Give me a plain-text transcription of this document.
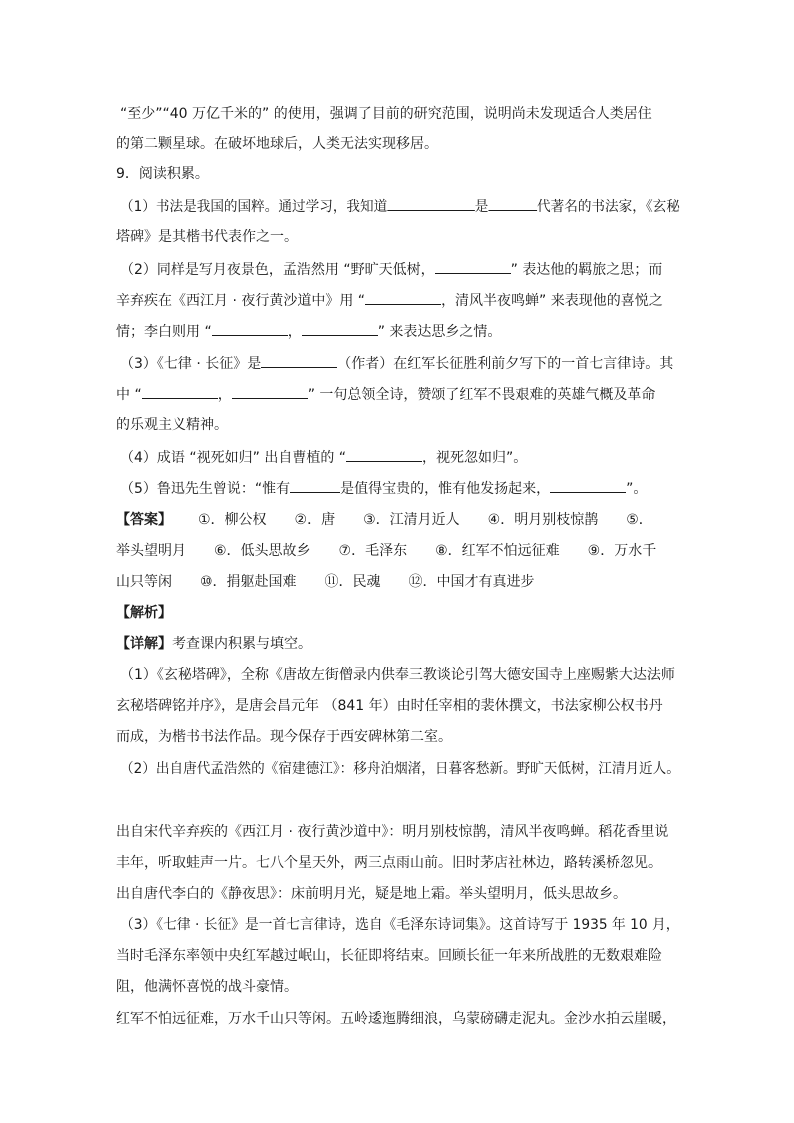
“至少”“40 万亿千米的” 的使用，强调了目前的研究范围，说明尚未发现适合人类居住
的第二颗星球。在破坏地球后，人类无法实现移居。
9．阅读积累。
（1）书法是我国的国粹。通过学习，我知道	是	代著名的书法家，《玄秘
塔碑》是其楷书代表作之一。
（2）同样是写月夜景色，孟浩然用 “野旷天低树，	” 表达他的羁旅之思；而
辛弃疾在《西江月 · 夜行黄沙道中》用 “	，清风半夜鸣蝉” 来表现他的喜悦之
情；李白则用 “	，	” 来表达思乡之情。
（3）《七律 · 长征》是	（作者）在红军长征胜利前夕写下的一首七言律诗。其
中 “	，	” 一句总领全诗，赞颂了红军不畏艰难的英雄气概及革命
的乐观主义精神。
（4）成语 “视死如归” 出自曹植的 “	，视死忽如归”。
（5）鲁迅先生曾说：“惟有	是值得宝贵的，惟有他发扬起来，	”。
【答案】 ①．柳公权　　②．唐　　③．江清月近人　　④．明月别枝惊鹊　　⑤．
举头望明月　　⑥．低头思故乡　　⑦．毛泽东　　⑧．红军不怕远征难　　⑨．万水千
山只等闲　　⑩．捐躯赴国难　　⑪．民魂　　⑫．中国才有真进步
【解析】
【详解】考查课内积累与填空。
（1）《玄秘塔碑》，全称《唐故左街僧录内供奉三教谈论引驾大德安国寺上座赐紫大达法师
玄秘塔碑铭并序》，是唐会昌元年 （841 年）由时任宰相的裴休撰文，书法家柳公权书丹
而成，为楷书书法作品。现今保存于西安碑林第二室。
（2）出自唐代孟浩然的《宿建德江》：移舟泊烟渚，日暮客愁新。野旷天低树，江清月近人。
出自宋代辛弃疾的《西江月 · 夜行黄沙道中》：明月别枝惊鹊，清风半夜鸣蝉。稻花香里说
丰年，听取蛙声一片。七八个星天外，两三点雨山前。旧时茅店社林边，路转溪桥忽见。
出自唐代李白的《静夜思》：床前明月光，疑是地上霜。举头望明月，低头思故乡。
（3）《七律 · 长征》是一首七言律诗，选自《毛泽东诗词集》。这首诗写于 1935 年 10 月，
当时毛泽东率领中央红军越过岷山，长征即将结束。回顾长征一年来所战胜的无数艰难险
阻，他满怀喜悦的战斗豪情。
红军不怕远征难，万水千山只等闲。五岭逶迤腾细浪，乌蒙磅礴走泥丸。金沙水拍云崖暖，
